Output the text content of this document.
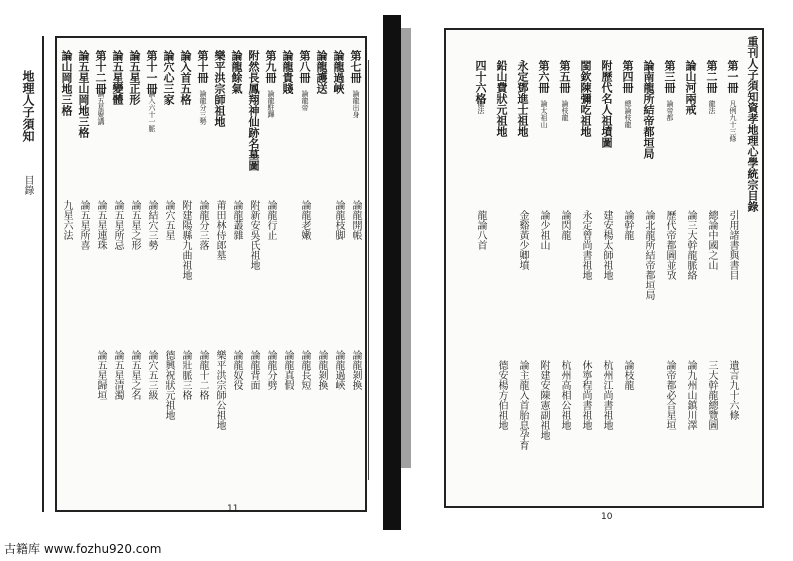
地理人子須知
目錄
第七冊
論龍出身
論龍開帳
論龍剝換
論龍過峽
論龍枝脚
論龍過峽
論龍護送
論龍剝換
第八冊
論龍帝
論龍老嫩
論龍長短
論龍貴賤
論龍真假
第九冊
論龍駐蹕
論龍行止
論龍分劈
附然長鳳翔神仙跡名墓圖
附新安吳氏祖地
論龍背面
論龍餘氣
論龍叢雜
論龍奴役
樂平洪宗師祖地
莆田林侍郎墓
樂平洪宗師公祖地
第十冊
論龍分三勢
論龍分三落
論龍十二格
論入首五格
附建陽縣九曲祖地
論壯脈三格
論穴心三家
論穴五星
德興祝狀元祖地
第十一冊
論入六十一脈
論結穴三勢
論穴五三級
論五星正形
論五星之形
論五星之名
論五星變體
論五星所忌
論五星清濁
第十二冊
論五星聚講
論五星連珠
論五星歸垣
論五星山岡地三格
論五星所喜
論山岡地三格
九星六法
11
重刊人子須知資孝地理心學統宗目錄
第一冊
凡例九十三條
引用諸書與書目
遺言九十六條
第二冊
龍法
總論中國之山
三大幹龍總覽圖
論山河兩戒
論三大幹龍脈絡
論九州山鎮川澤
第三冊
論帝都
歷代帝都圖並攷
論帝都必合星垣
論南龍所結帝都垣局
論北龍所結帝都垣局
第四冊
總論枝龍
論幹龍
論枝龍
附歷代名人祖墳圖
建安楊太師祖地
杭州江尚書祖地
閩欽陳彌吃祖地
永定曾尚書祖地
休寧程尚書祖地
第五冊
論枝龍
論閃龍
杭州高相公祖地
第六冊
論太祖山
論少祖山
附建安陳憲副祖地
永定鄧進士祖地
金谿黃少卿墳
論主龍入首胎息孕育
鉛山費狀元祖地
德安楊方伯祖地
四十六格
龍法
龍論八首
10
古籍库 www.fozhu920.com
